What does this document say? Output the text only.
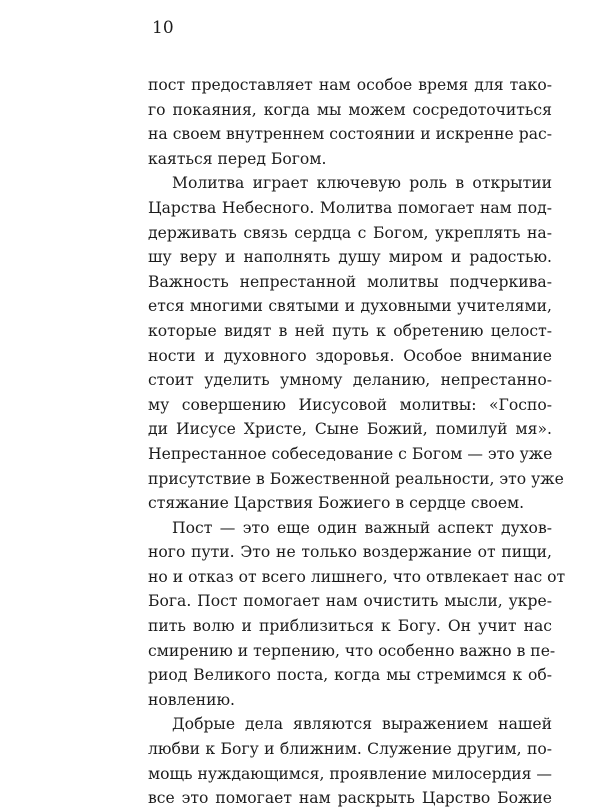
10
пост предоставляет нам особое время для тако-
го покаяния, когда мы можем сосредоточиться
на своем внутреннем состоянии и искренне рас-
каяться перед Богом.
Молитва играет ключевую роль в открытии
Царства Небесного. Молитва помогает нам под-
держивать связь сердца с Богом, укреплять на-
шу веру и наполнять душу миром и радостью.
Важность непрестанной молитвы подчеркива-
ется многими святыми и духовными учителями,
которые видят в ней путь к обретению целост-
ности и духовного здоровья. Особое внимание
стоит уделить умному деланию, непрестанно-
му совершению Иисусовой молитвы: «Госпо-
ди Иисусе Христе, Сыне Божий, помилуй мя».
Непрестанное собеседование с Богом — это уже
присутствие в Божественной реальности, это уже
стяжание Царствия Божиего в сердце своем.
Пост — это еще один важный аспект духов-
ного пути. Это не только воздержание от пищи,
но и отказ от всего лишнего, что отвлекает нас от
Бога. Пост помогает нам очистить мысли, укре-
пить волю и приблизиться к Богу. Он учит нас
смирению и терпению, что особенно важно в пе-
риод Великого поста, когда мы стремимся к об-
новлению.
Добрые дела являются выражением нашей
любви к Богу и ближним. Служение другим, по-
мощь нуждающимся, проявление милосердия —
все это помогает нам раскрыть Царство Божие
